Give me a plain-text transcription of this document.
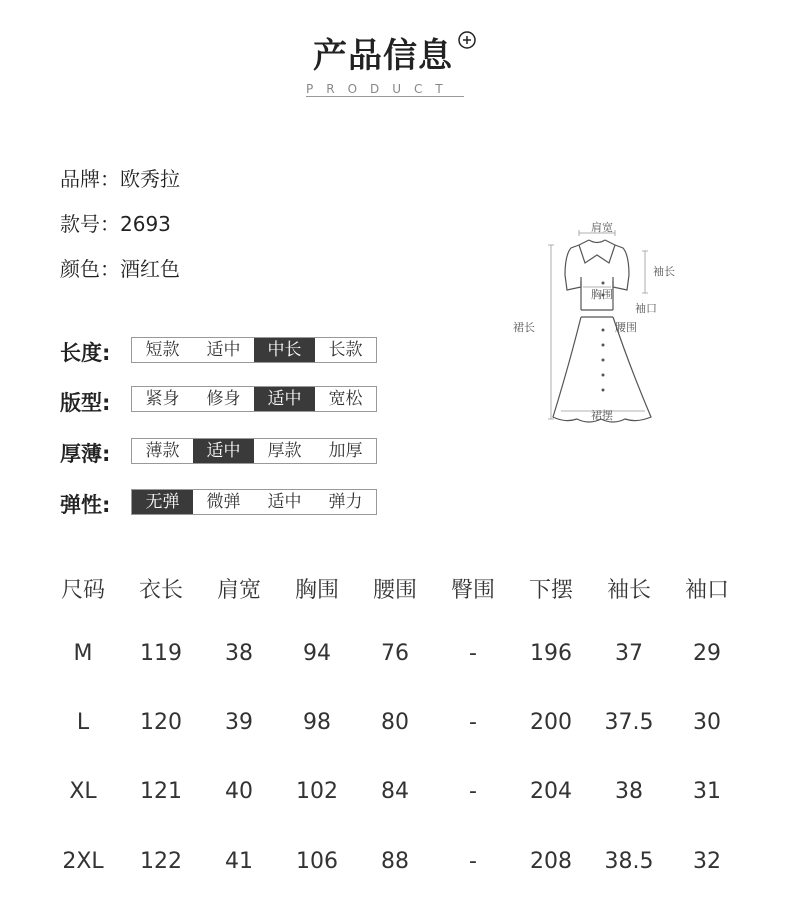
产品信息
PRODUCT
品牌：欧秀拉
款号：2693
颜色：酒红色
长度:	短款	适中	中长	长款
版型:	紧身	修身	适中	宽松
厚薄:	薄款	适中	厚款	加厚
弹性:	无弹	微弹	适中	弹力
肩宽
袖长
胸围
袖口
腰围
裙长
裙摆
尺码	衣长	肩宽	胸围	腰围	臀围	下摆	袖长	袖口
M	119	38	94	76	-	196	37	29
L	120	39	98	80	-	200	37.5	30
XL	121	40	102	84	-	204	38	31
2XL	122	41	106	88	-	208	38.5	32
